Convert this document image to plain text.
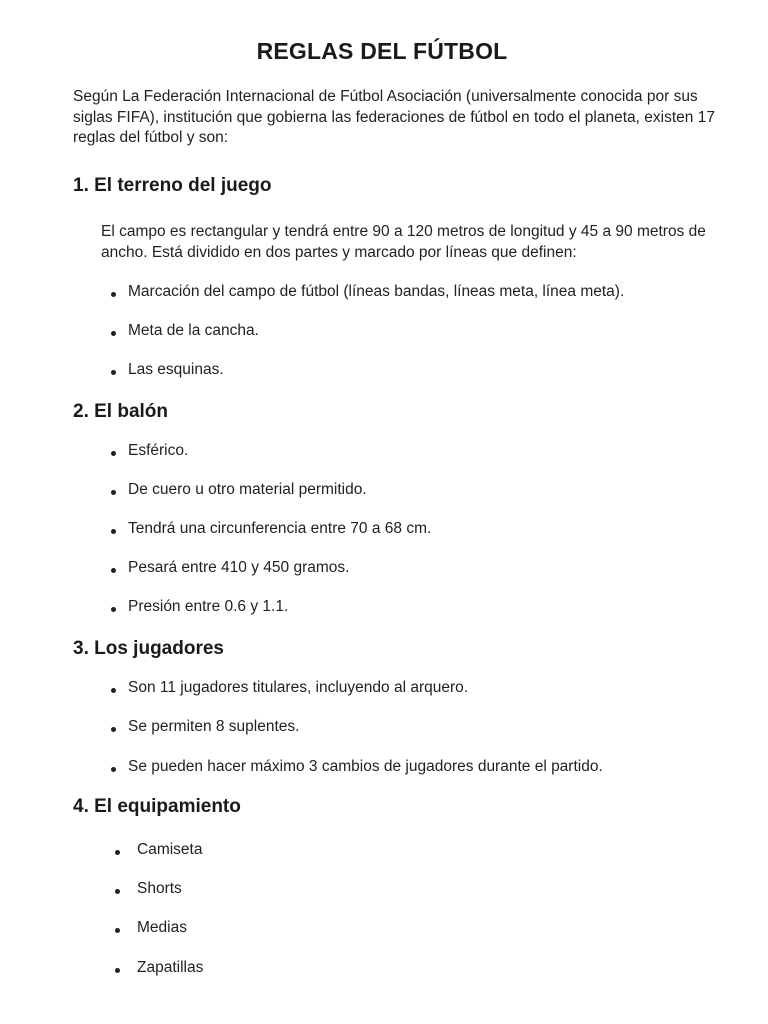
REGLAS DEL FÚTBOL
Según La Federación Internacional de Fútbol Asociación (universalmente conocida por sus siglas FIFA), institución que gobierna las federaciones de fútbol en todo el planeta, existen 17 reglas del fútbol y son:
1. El terreno del juego
El campo es rectangular y tendrá entre 90 a 120 metros de longitud y 45 a 90 metros de ancho. Está dividido en dos partes y marcado por líneas que definen:
Marcación del campo de fútbol (líneas bandas, líneas meta, línea meta).
Meta de la cancha.
Las esquinas.
2. El balón
Esférico.
De cuero u otro material permitido.
Tendrá una circunferencia entre 70 a 68 cm.
Pesará entre 410 y 450 gramos.
Presión entre 0.6 y 1.1.
3. Los jugadores
Son 11 jugadores titulares, incluyendo al arquero.
Se permiten 8 suplentes.
Se pueden hacer máximo 3 cambios de jugadores durante el partido.
4. El equipamiento
Camiseta
Shorts
Medias
Zapatillas
